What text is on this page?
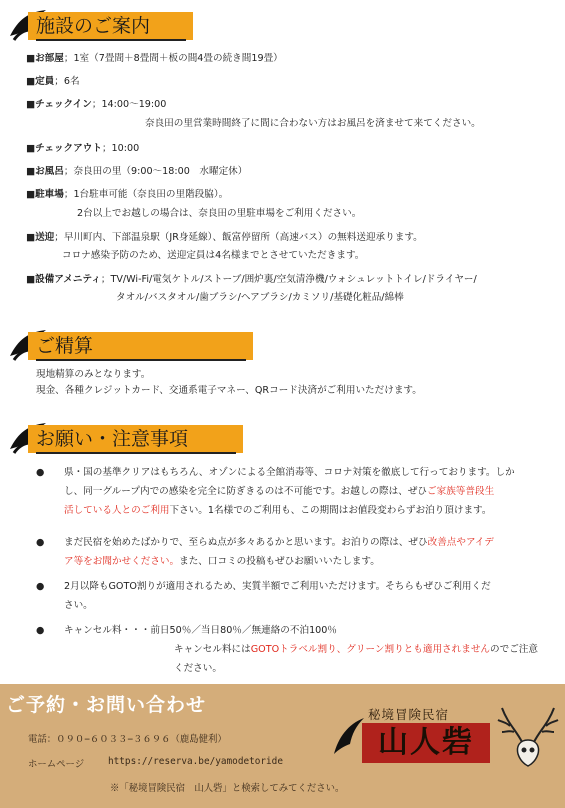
施設のご案内
■お部屋；1室（7畳間＋8畳間＋板の間4畳の続き間19畳）
■定員；6名
■チェックイン；14:00〜19:00
奈良田の里営業時間終了に間に合わない方はお風呂を済ませて来てください。
■チェックアウト；10:00
■お風呂；奈良田の里（9:00〜18:00　水曜定休）
■駐車場；1台駐車可能（奈良田の里階段脇）。
2台以上でお越しの場合は、奈良田の里駐車場をご利用ください。
■送迎；早川町内、下部温泉駅（JR身延線）、飯富停留所（高速バス）の無料送迎承ります。
コロナ感染予防のため、送迎定員は4名様までとさせていただきます。
■設備アメニティ；TV/Wi-Fi/電気ケトル/ストーブ/囲炉裏/空気清浄機/ウォシュレットトイレ/ドライヤー/
タオル/バスタオル/歯ブラシ/ヘアブラシ/カミソリ/基礎化粧品/綿棒
ご精算
現地精算のみとなります。
現金、各種クレジットカード、交通系電子マネー、QRコード決済がご利用いただけます。
お願い・注意事項
● 県・国の基準クリアはもちろん、オゾンによる全館消毒等、コロナ対策を徹底して行っております。しか
し、同一グループ内での感染を完全に防ぎきるのは不可能です。お越しの際は、ぜひご家族等普段生
活している人とのご利用下さい。1名様でのご利用も、この期間はお値段変わらずお泊り頂けます。
● まだ民宿を始めたばかりで、至らぬ点が多々あるかと思います。お泊りの際は、ぜひ改善点やアイデ
ア等をお聞かせください。また、口コミの投稿もぜひお願いいたします。
● 2月以降もGOTO割りが適用されるため、実質半額でご利用いただけます。そちらもぜひご利用くだ
さい。
● キャンセル料・・・前日50％／当日80％／無連絡の不泊100％
キャンセル料にはGOTOトラベル割り、グリーン割りとも適用されませんのでご注意
ください。
ご予約・お問い合わせ
電話：０９０−６０３３−３６９６（鹿島健利）
ホームページ	https://reserva.be/yamodetoride
※「秘境冒険民宿　山人砦」と検索してみてください。
秘境冒険民宿
山人砦
